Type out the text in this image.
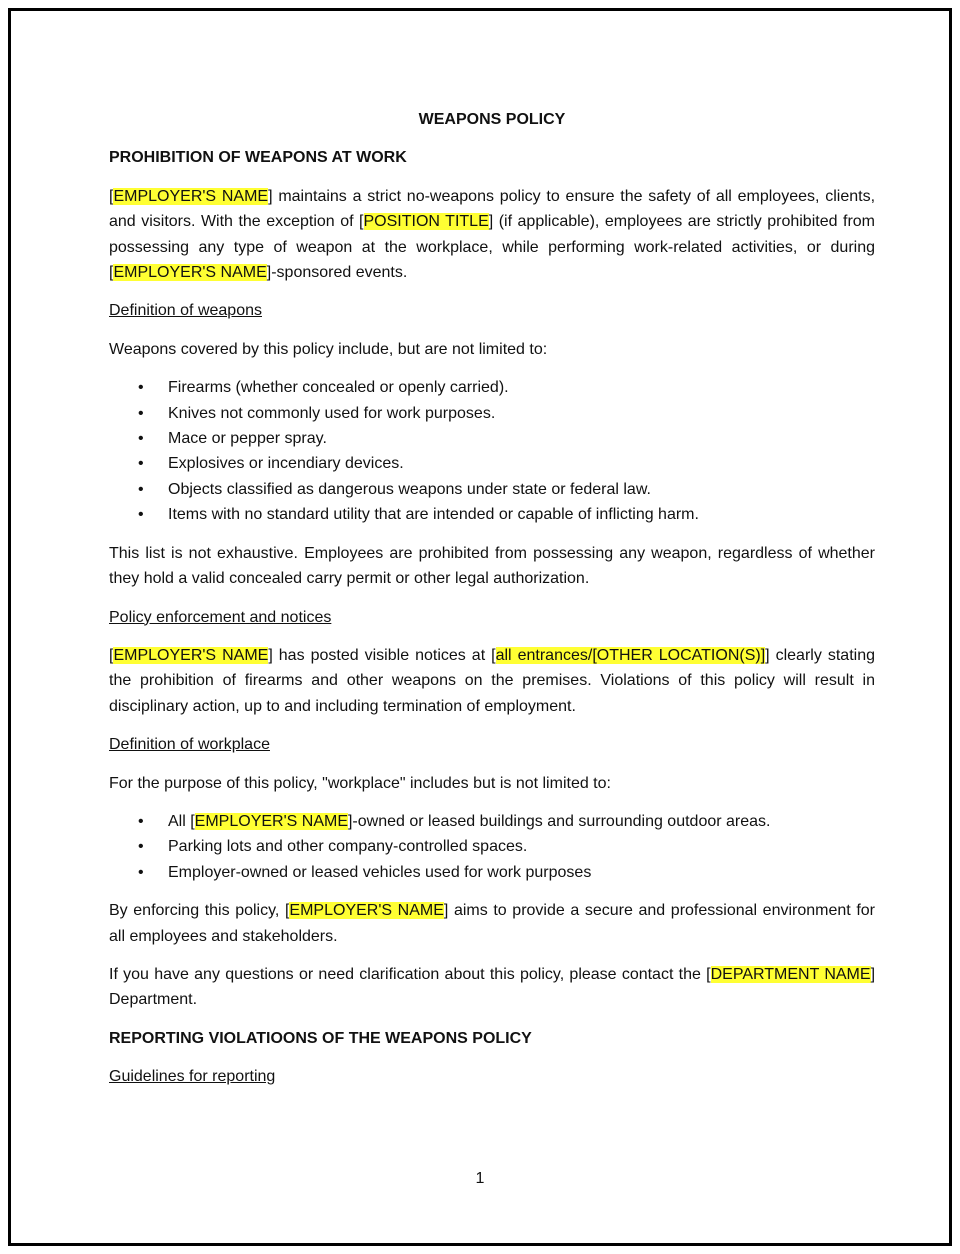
WEAPONS POLICY
PROHIBITION OF WEAPONS AT WORK

[EMPLOYER'S NAME] maintains a strict no-weapons policy to ensure the safety of all employees, clients, and visitors. With the exception of [POSITION TITLE] (if applicable), employees are strictly prohibited from possessing any type of weapon at the workplace, while performing work-related activities, or during [EMPLOYER'S NAME]-sponsored events.

Definition of weapons

Weapons covered by this policy include, but are not limited to:

• Firearms (whether concealed or openly carried).
• Knives not commonly used for work purposes.
• Mace or pepper spray.
• Explosives or incendiary devices.
• Objects classified as dangerous weapons under state or federal law.
• Items with no standard utility that are intended or capable of inflicting harm.

This list is not exhaustive. Employees are prohibited from possessing any weapon, regardless of whether they hold a valid concealed carry permit or other legal authorization.

Policy enforcement and notices

[EMPLOYER'S NAME] has posted visible notices at [all entrances/[OTHER LOCATION(S)]] clearly stating the prohibition of firearms and other weapons on the premises. Violations of this policy will result in disciplinary action, up to and including termination of employment.

Definition of workplace

For the purpose of this policy, "workplace" includes but is not limited to:

• All [EMPLOYER'S NAME]-owned or leased buildings and surrounding outdoor areas.
• Parking lots and other company-controlled spaces.
• Employer-owned or leased vehicles used for work purposes

By enforcing this policy, [EMPLOYER'S NAME] aims to provide a secure and professional environment for all employees and stakeholders.

If you have any questions or need clarification about this policy, please contact the [DEPARTMENT NAME] Department.

REPORTING VIOLATIOONS OF THE WEAPONS POLICY
Guidelines for reporting
1
